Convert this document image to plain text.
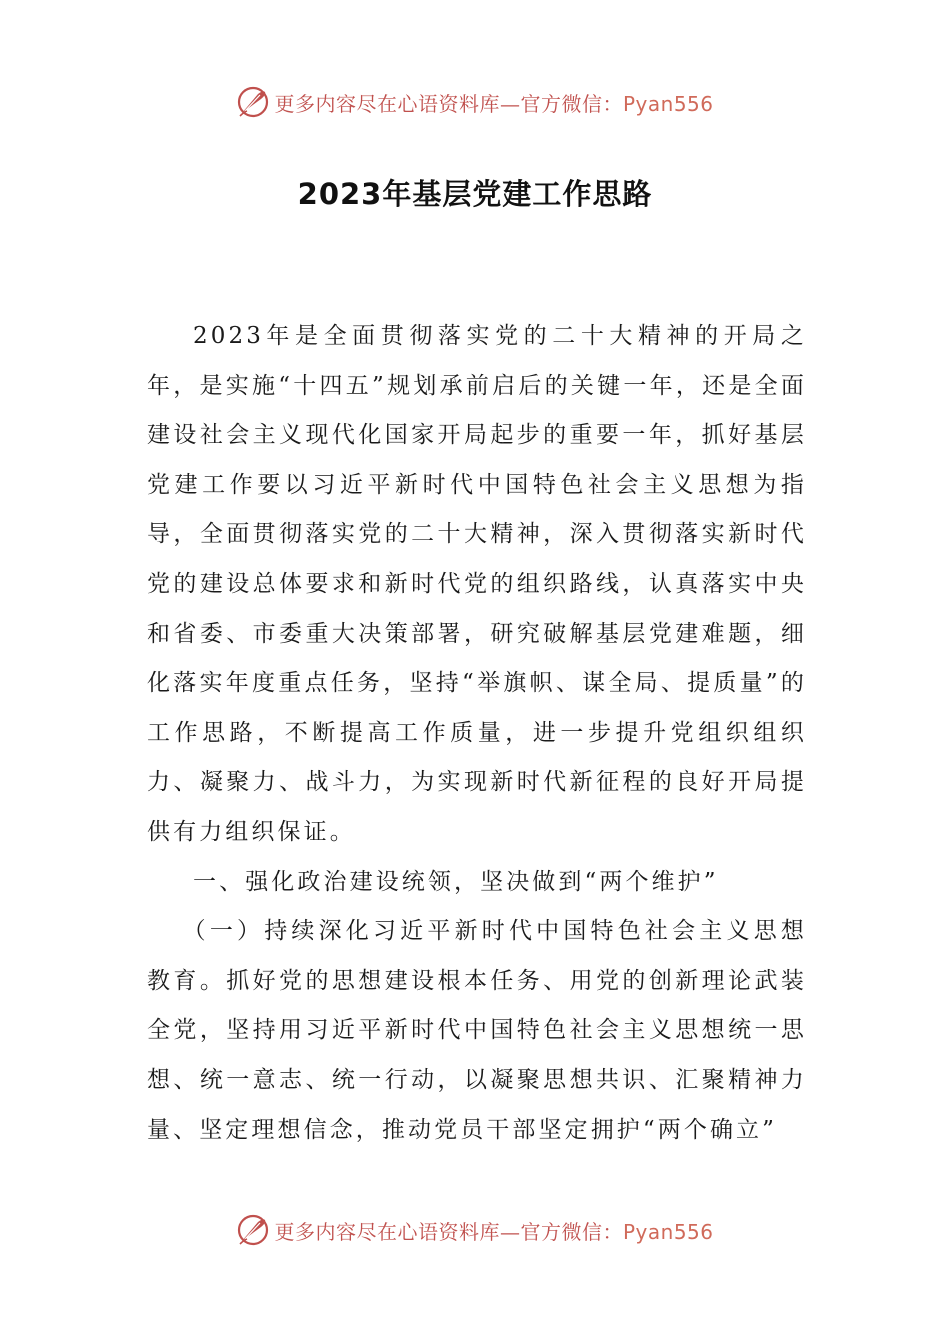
更多内容尽在心语资料库—官方微信：Pyan556
2023年基层党建工作思路

2023年是全面贯彻落实党的二十大精神的开局之年，是实施“十四五”规划承前启后的关键一年，还是全面建设社会主义现代化国家开局起步的重要一年，抓好基层党建工作要以习近平新时代中国特色社会主义思想为指导，全面贯彻落实党的二十大精神，深入贯彻落实新时代党的建设总体要求和新时代党的组织路线，认真落实中央和省委、市委重大决策部署，研究破解基层党建难题，细化落实年度重点任务，坚持“举旗帜、谋全局、提质量”的工作思路，不断提高工作质量，进一步提升党组织组织力、凝聚力、战斗力，为实现新时代新征程的良好开局提供有力组织保证。

一、强化政治建设统领，坚决做到“两个维护”

（一）持续深化习近平新时代中国特色社会主义思想教育。抓好党的思想建设根本任务、用党的创新理论武装全党，坚持用习近平新时代中国特色社会主义思想统一思想、统一意志、统一行动，以凝聚思想共识、汇聚精神力量、坚定理想信念，推动党员干部坚定拥护“两个确立”

更多内容尽在心语资料库—官方微信：Pyan556
